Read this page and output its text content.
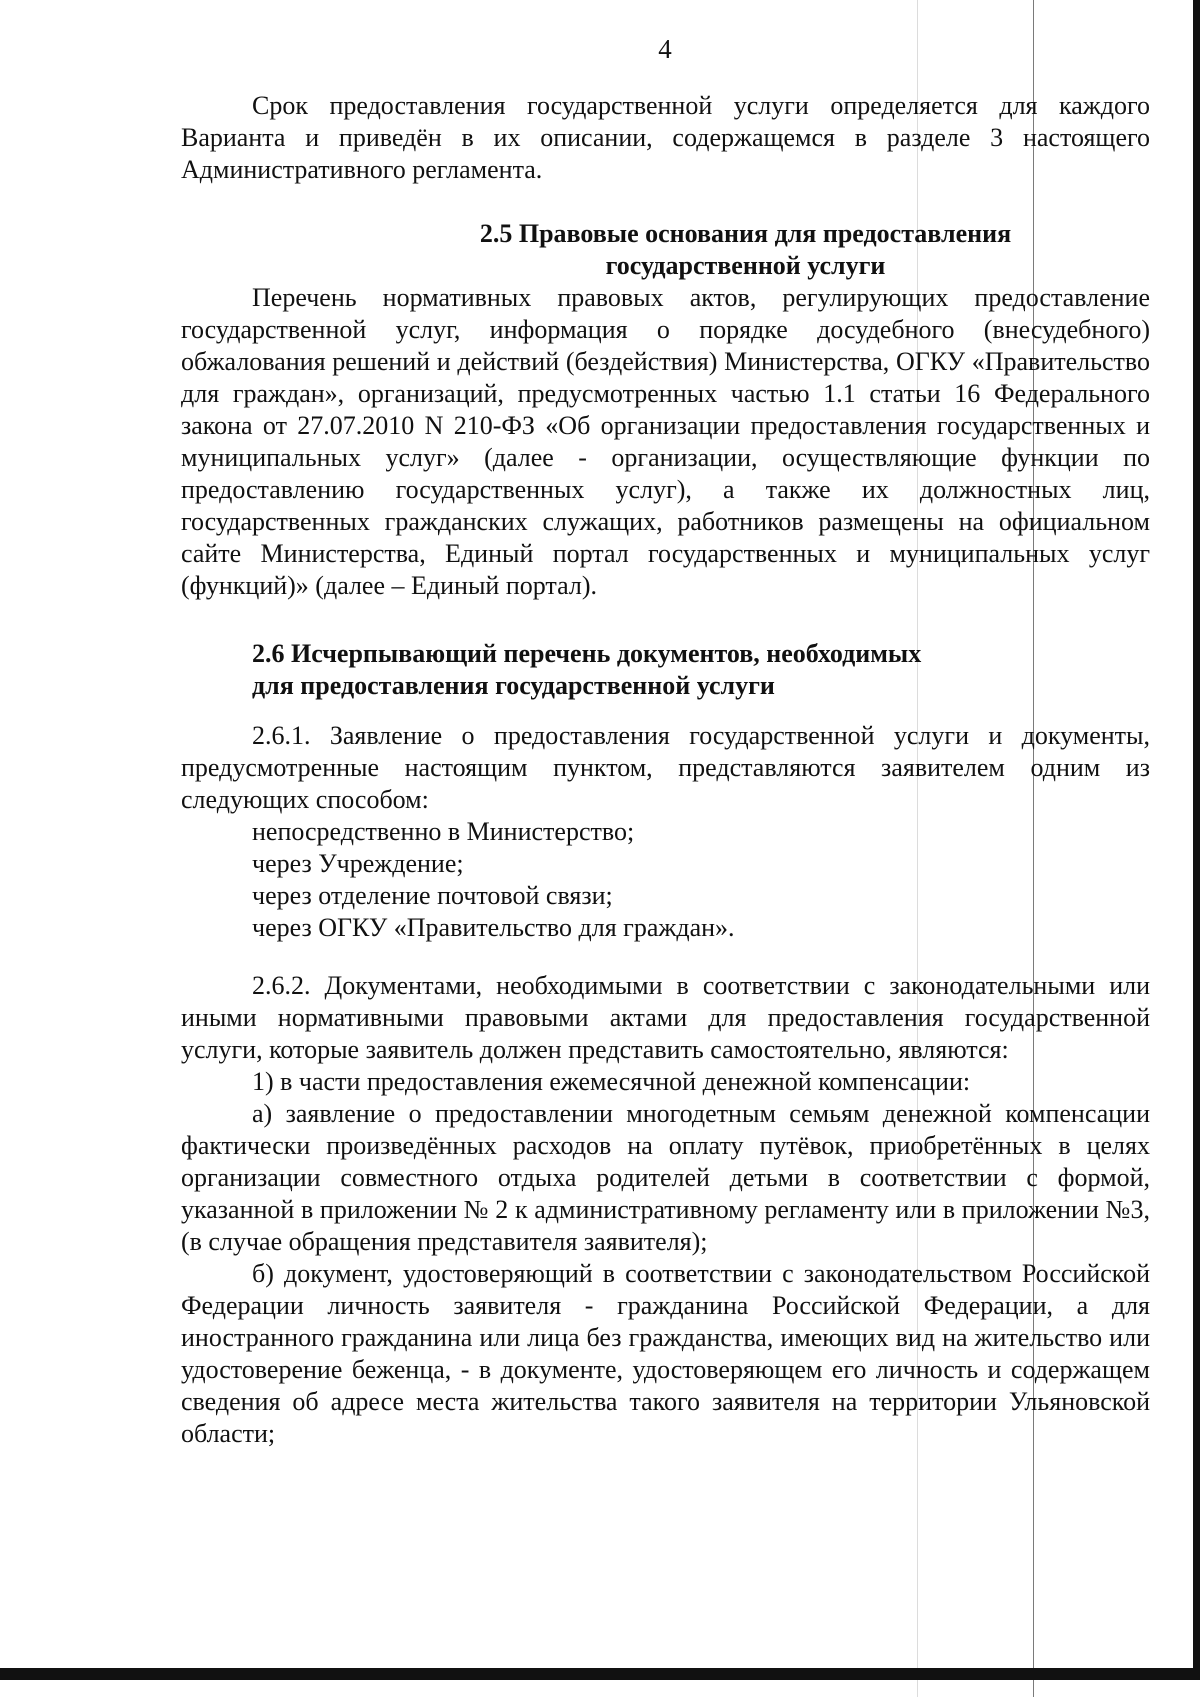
4

Срок предоставления государственной услуги определяется для каждого Варианта и приведён в их описании, содержащемся в разделе 3 настоящего Административного регламента.

2.5 Правовые основания для предоставления
государственной услуги

Перечень нормативных правовых актов, регулирующих предоставление государственной услуг, информация о порядке досудебного (внесудебного) обжалования решений и действий (бездействия) Министерства, ОГКУ «Правительство для граждан», организаций, предусмотренных частью 1.1 статьи 16 Федерального закона от 27.07.2010 N 210-ФЗ «Об организации предоставления государственных и муниципальных услуг» (далее - организации, осуществляющие функции по предоставлению государственных услуг), а также их должностных лиц, государственных гражданских служащих, работников размещены на официальном сайте Министерства, Единый портал государственных и муниципальных услуг (функций)» (далее – Единый портал).

2.6 Исчерпывающий перечень документов, необходимых
для предоставления государственной услуги

2.6.1. Заявление о предоставления государственной услуги и документы, предусмотренные настоящим пунктом, представляются заявителем одним из следующих способом:

непосредственно в Министерство;

через Учреждение;

через отделение почтовой связи;

через ОГКУ «Правительство для граждан».

2.6.2. Документами, необходимыми в соответствии с законодательными или иными нормативными правовыми актами для предоставления государственной услуги, которые заявитель должен представить самостоятельно, являются:

1) в части предоставления ежемесячной денежной компенсации:

а) заявление о предоставлении многодетным семьям денежной компенсации фактически произведённых расходов на оплату путёвок, приобретённых в целях организации совместного отдыха родителей детьми в соответствии с формой, указанной в приложении № 2 к административному регламенту или в приложении №3, (в случае обращения представителя заявителя);

б) документ, удостоверяющий в соответствии с законодательством Российской Федерации личность заявителя - гражданина Российской Федерации, а для иностранного гражданина или лица без гражданства, имеющих вид на жительство или удостоверение беженца, - в документе, удостоверяющем его личность и содержащем сведения об адресе места жительства такого заявителя на территории Ульяновской области;
